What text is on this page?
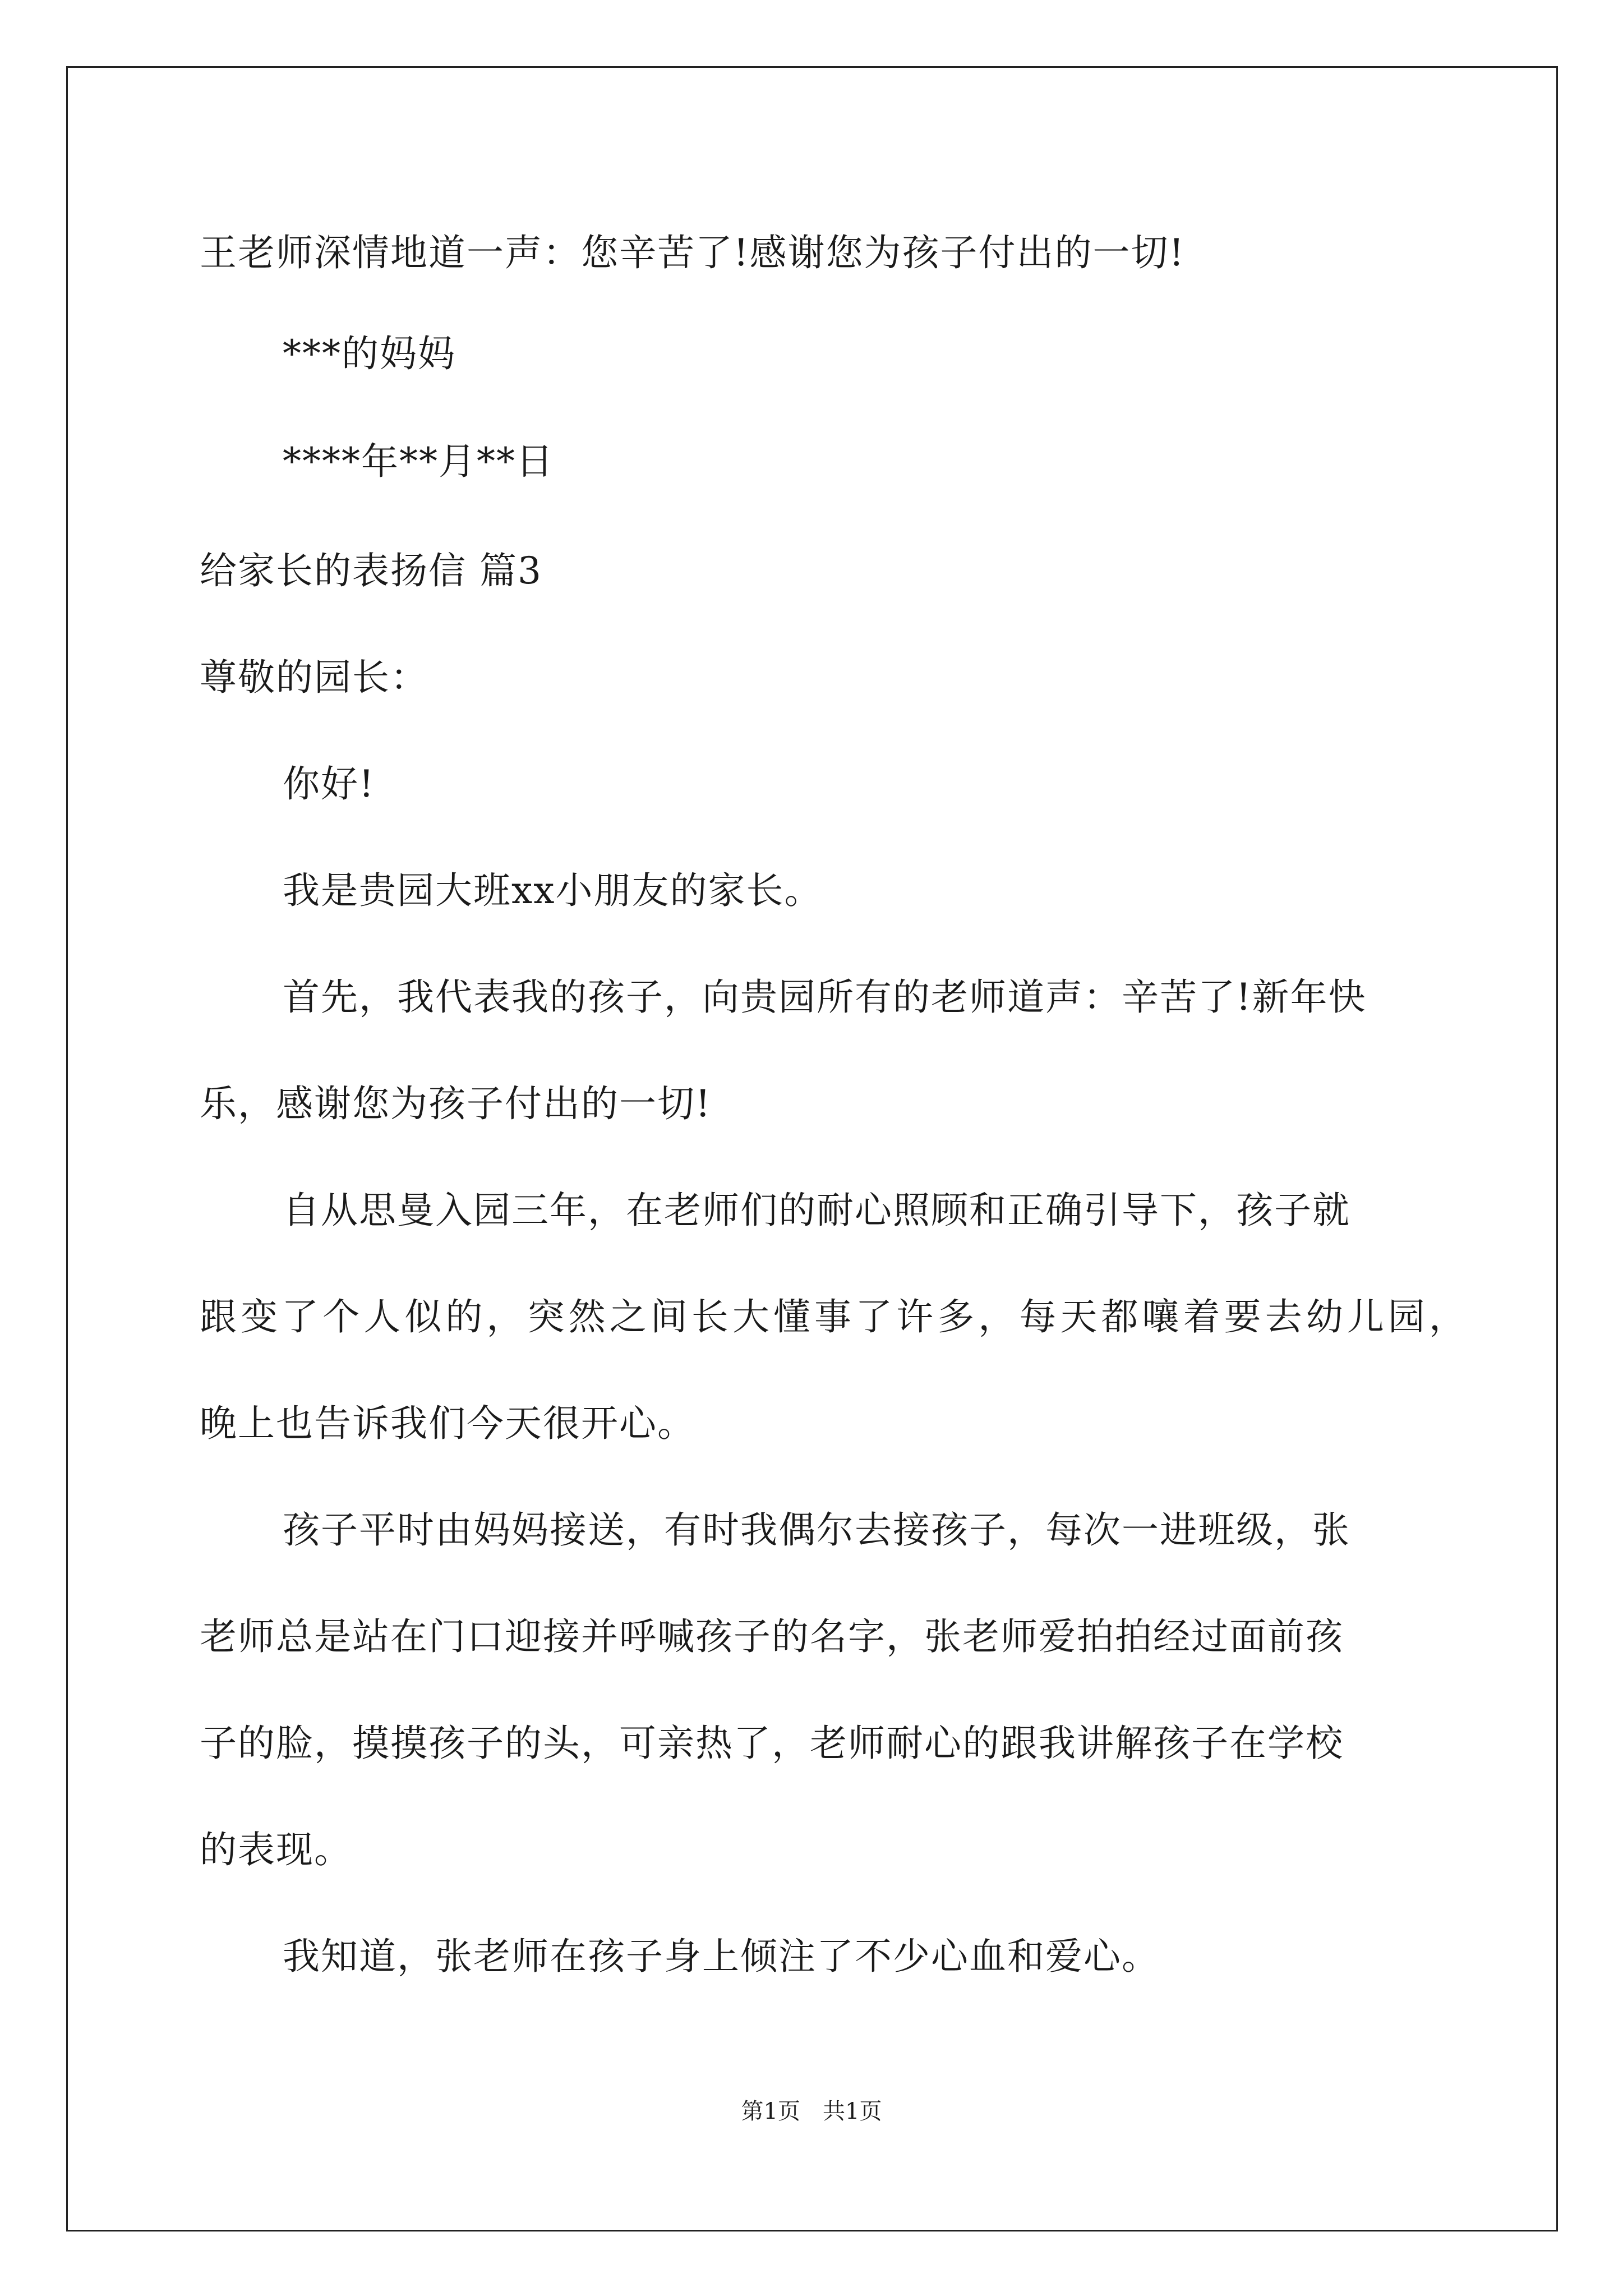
王老师深情地道一声：您辛苦了!感谢您为孩子付出的一切!
***的妈妈
****年**月**日
给家长的表扬信 篇3
尊敬的园长：
你好!
我是贵园大班xx小朋友的家长。
首先，我代表我的孩子，向贵园所有的老师道声：辛苦了!新年快
乐，感谢您为孩子付出的一切!
自从思曼入园三年，在老师们的耐心照顾和正确引导下，孩子就
跟变了个人似的，突然之间长大懂事了许多，每天都嚷着要去幼儿园，
晚上也告诉我们今天很开心。
孩子平时由妈妈接送，有时我偶尔去接孩子，每次一进班级，张
老师总是站在门口迎接并呼喊孩子的名字，张老师爱拍拍经过面前孩
子的脸，摸摸孩子的头，可亲热了，老师耐心的跟我讲解孩子在学校
的表现。
我知道，张老师在孩子身上倾注了不少心血和爱心。
第1页　共1页
